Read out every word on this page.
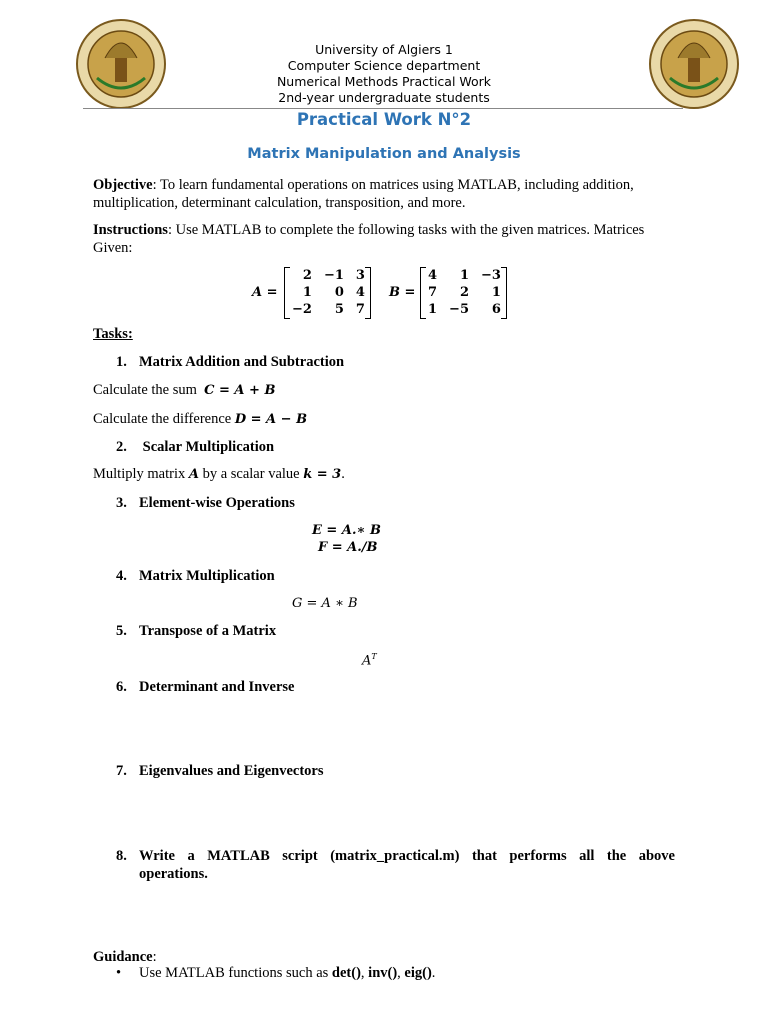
University of Algiers 1
Computer Science department
Numerical Methods Practical Work
2nd-year undergraduate students
Practical Work N°2
Matrix Manipulation and Analysis
Objective: To learn fundamental operations on matrices using MATLAB, including addition, multiplication, determinant calculation, transposition, and more.
Instructions: Use MATLAB to complete the following tasks with the given matrices. Matrices Given:
A =
2	−1	3
1	0	4
−2	5	7
B =
4	1	−3
7	2	1
1	−5	6
Tasks:
1. Matrix Addition and Subtraction
Calculate the sum C = A + B
Calculate the difference D = A − B
2. Scalar Multiplication
Multiply matrix A by a scalar value k = 3.
3. Element-wise Operations
E = A.∗ B
F = A./B
4. Matrix Multiplication
G = A ∗ B
5. Transpose of a Matrix
$A^T$
6. Determinant and Inverse
7. Eigenvalues and Eigenvectors
8. Write a MATLAB script (matrix_practical.m) that performs all the above operations.
Guidance:
• Use MATLAB functions such as det(), inv(), eig().
